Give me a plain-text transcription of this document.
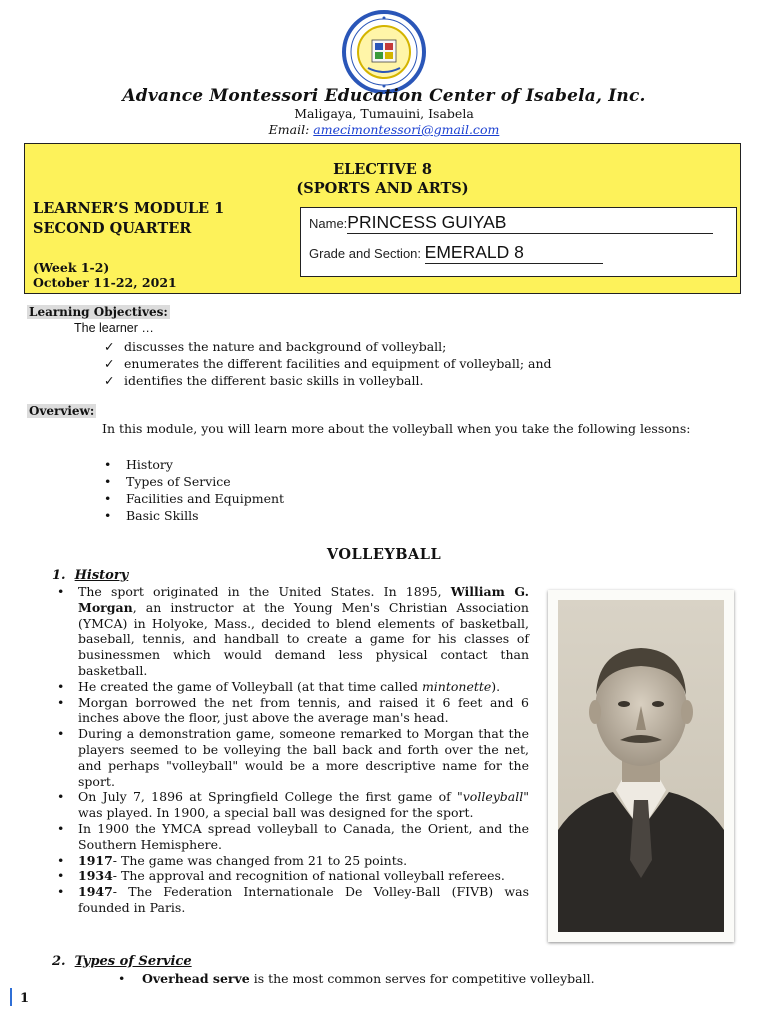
Advance Montessori Education Center of Isabela, Inc.
Maligaya, Tumauini, Isabela
Email: amecimontessori@gmail.com
ELECTIVE 8
(SPORTS AND ARTS)
LEARNER’S MODULE 1
SECOND QUARTER
(Week 1-2)
October 11-22, 2021
Name:PRINCESS GUIYAB
Grade and Section: EMERALD 8
Learning Objectives:
The learner …
✓ discusses the nature and background of volleyball;
✓ enumerates the different facilities and equipment of volleyball; and
✓ identifies the different basic skills in volleyball.
Overview:
In this module, you will learn more about the volleyball when you take the following lessons:
• History
• Types of Service
• Facilities and Equipment
• Basic Skills
VOLLEYBALL
1. History
• The sport originated in the United States. In 1895, William G. Morgan, an instructor at the Young Men's Christian Association (YMCA) in Holyoke, Mass., decided to blend elements of basketball, baseball, tennis, and handball to create a game for his classes of businessmen which would demand less physical contact than basketball.
• He created the game of Volleyball (at that time called mintonette).
• Morgan borrowed the net from tennis, and raised it 6 feet and 6 inches above the floor, just above the average man's head.
• During a demonstration game, someone remarked to Morgan that the players seemed to be volleying the ball back and forth over the net, and perhaps "volleyball" would be a more descriptive name for the sport.
• On July 7, 1896 at Springfield College the first game of "volleyball" was played. In 1900, a special ball was designed for the sport.
• In 1900 the YMCA spread volleyball to Canada, the Orient, and the Southern Hemisphere.
• 1917- The game was changed from 21 to 25 points.
• 1934- The approval and recognition of national volleyball referees.
• 1947- The Federation Internationale De Volley-Ball (FIVB) was founded in Paris.
2. Types of Service
• Overhead serve is the most common serves for competitive volleyball.
1
